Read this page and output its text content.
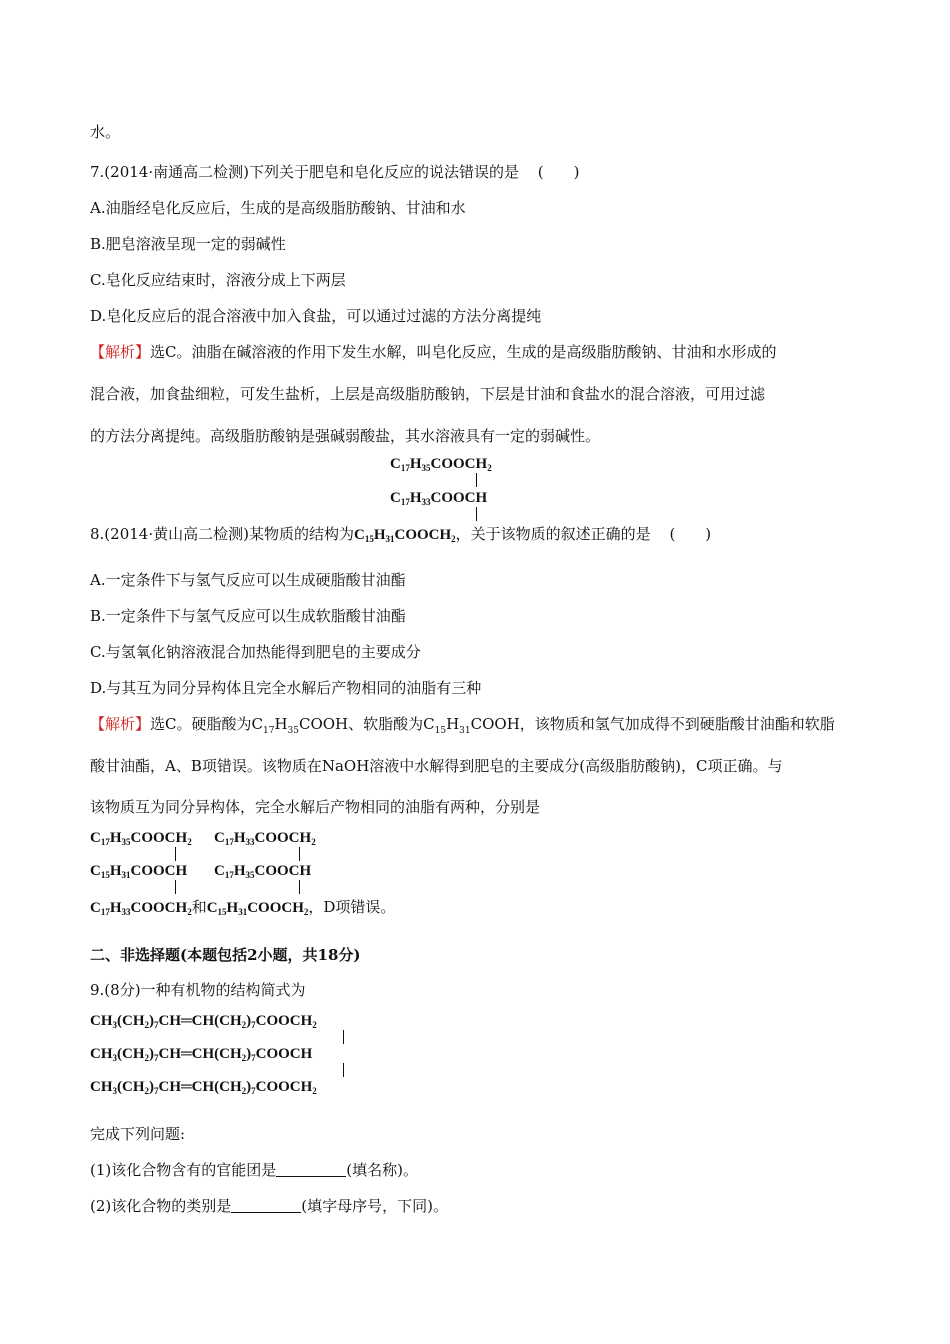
水。
7.(2014·南通高二检测)下列关于肥皂和皂化反应的说法错误的是 (　　)
A.油脂经皂化反应后，生成的是高级脂肪酸钠、甘油和水
B.肥皂溶液呈现一定的弱碱性
C.皂化反应结束时，溶液分成上下两层
D.皂化反应后的混合溶液中加入食盐，可以通过过滤的方法分离提纯
【解析】选C。油脂在碱溶液的作用下发生水解，叫皂化反应，生成的是高级脂肪酸钠、甘油和水形成的
混合液，加食盐细粒，可发生盐析，上层是高级脂肪酸钠，下层是甘油和食盐水的混合溶液，可用过滤
的方法分离提纯。高级脂肪酸钠是强碱弱酸盐，其水溶液具有一定的弱碱性。
$C_{17}H_{35}COOCH_2$
$C_{17}H_{33}COOCH$
8.(2014·黄山高二检测)某物质的结构为$C_{15}H_{31}COOCH_2$，关于该物质的叙述正确的是 (　　)
A.一定条件下与氢气反应可以生成硬脂酸甘油酯
B.一定条件下与氢气反应可以生成软脂酸甘油酯
C.与氢氧化钠溶液混合加热能得到肥皂的主要成分
D.与其互为同分异构体且完全水解后产物相同的油脂有三种
【解析】选C。硬脂酸为$C_{17}H_{35}COOH$、软脂酸为$C_{15}H_{31}COOH$，该物质和氢气加成得不到硬脂酸甘油酯和软脂
酸甘油酯，A、B项错误。该物质在NaOH溶液中水解得到肥皂的主要成分(高级脂肪酸钠)，C项正确。与
该物质互为同分异构体，完全水解后产物相同的油脂有两种，分别是
$C_{17}H_{35}COOCH_2$
$C_{15}H_{31}COOCH$
$C_{17}H_{33}COOCH_2$
$C_{17}H_{35}COOCH$
$C_{17}H_{33}COOCH_2$和$C_{15}H_{31}COOCH_2$，D项错误。
二、非选择题(本题包括2小题，共18分)
9.(8分)一种有机物的结构简式为
$CH_3(CH_2)_7CH═CH(CH_2)_7COOCH_2$
$CH_3(CH_2)_7CH═CH(CH_2)_7COOCH$
$CH_3(CH_2)_7CH═CH(CH_2)_7COOCH_2$
完成下列问题:
(1)该化合物含有的官能团是	(填名称)。
(2)该化合物的类别是	(填字母序号，下同)。
